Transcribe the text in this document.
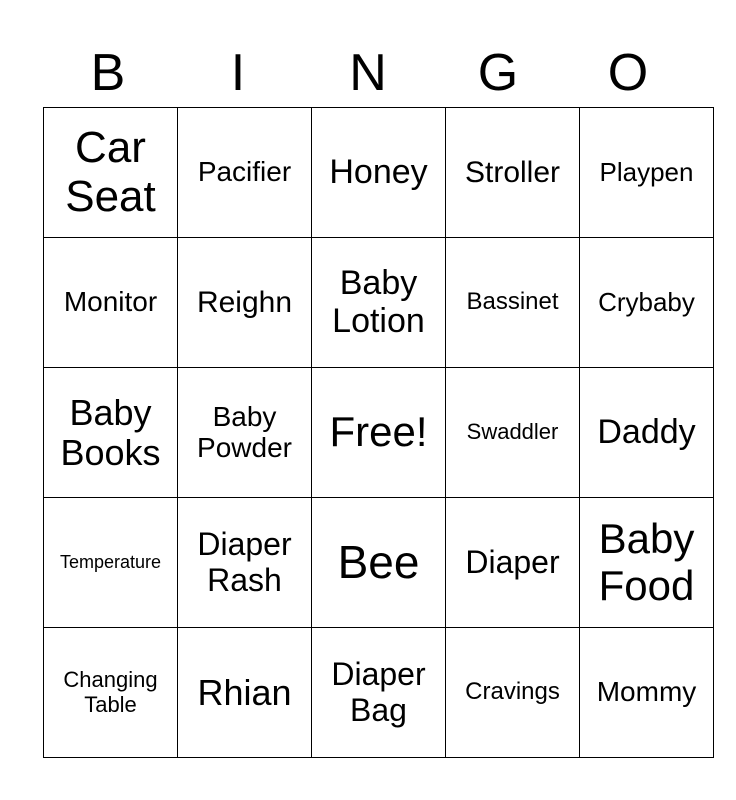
B	I	N	G	O
Car Seat	Pacifier	Honey	Stroller	Playpen
Monitor	Reighn	Baby Lotion	Bassinet	Crybaby
Baby Books	Baby Powder	Free!	Swaddler	Daddy
Temperature	Diaper Rash	Bee	Diaper	Baby Food
Changing Table	Rhian	Diaper Bag	Cravings	Mommy
